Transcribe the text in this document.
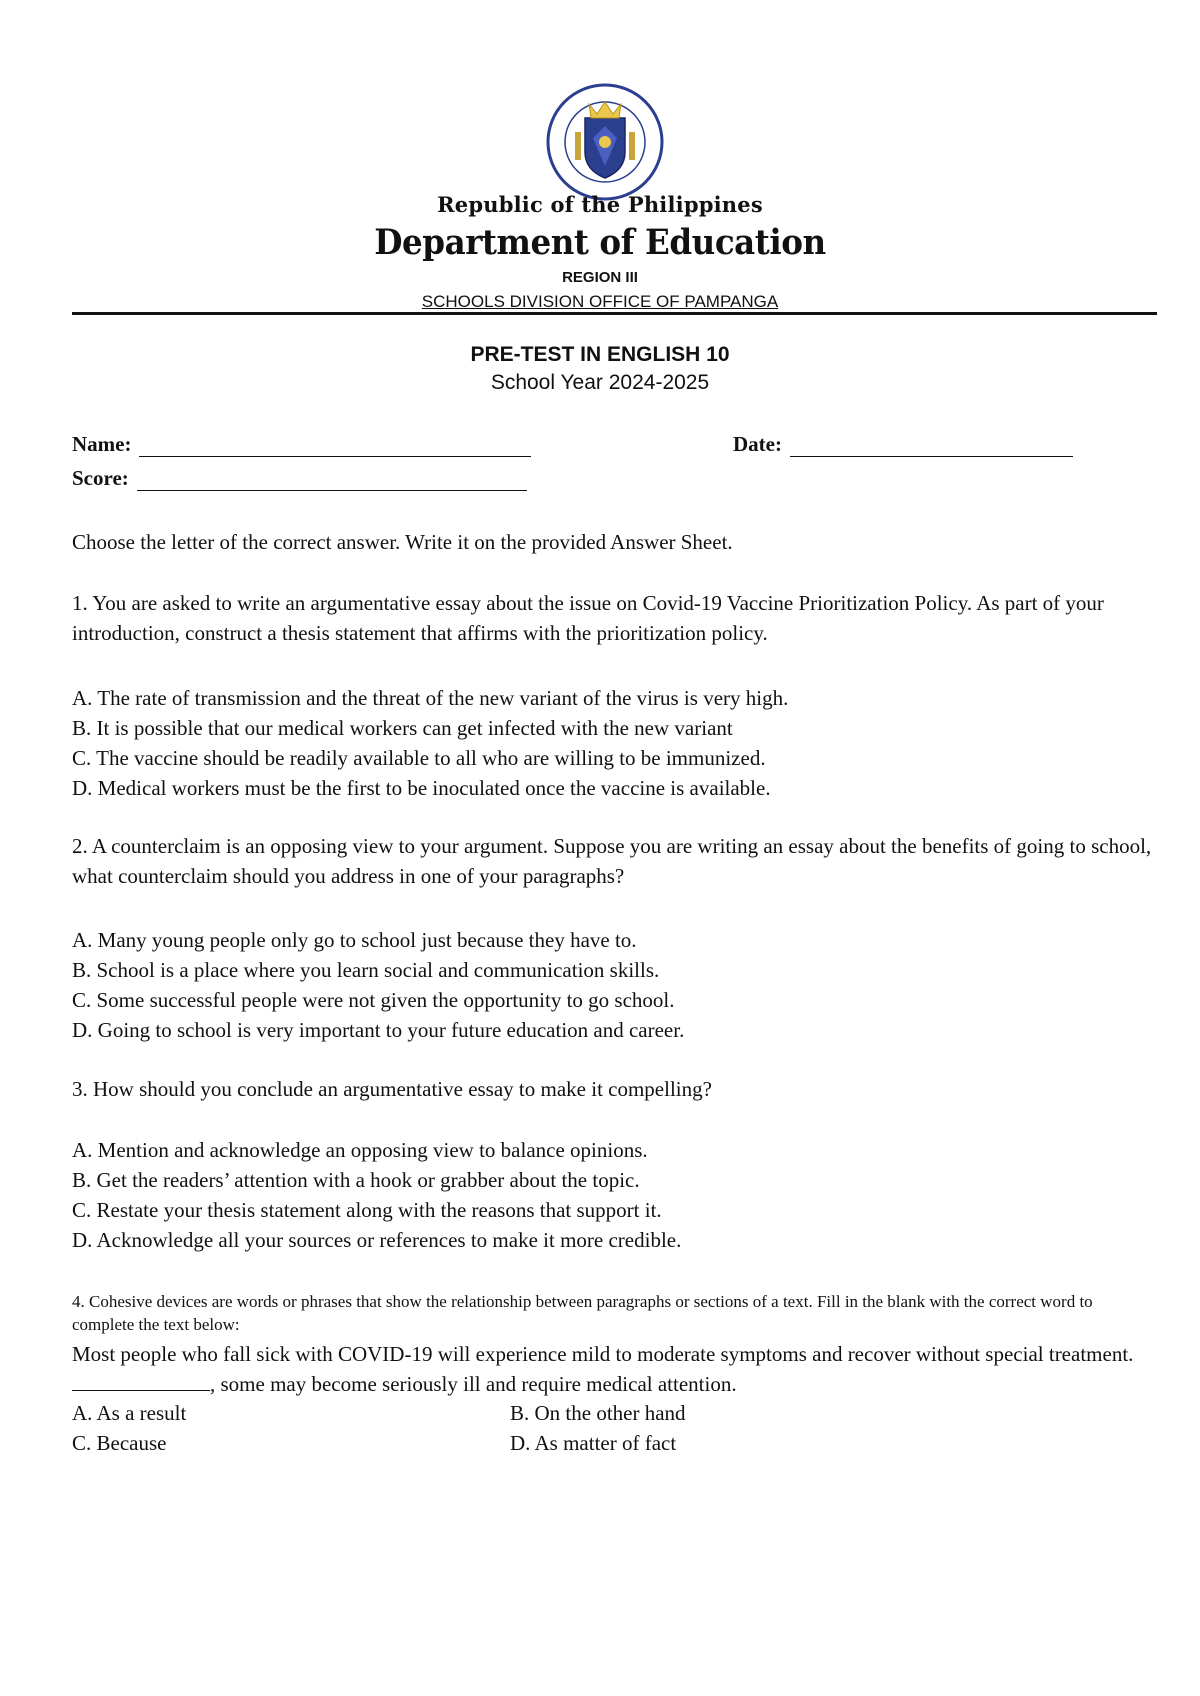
Republic of the Philippines
Department of Education
REGION III
SCHOOLS DIVISION OFFICE OF PAMPANGA
PRE-TEST IN ENGLISH 10
School Year 2024-2025
Name:	Date:
Score:
Choose the letter of the correct answer. Write it on the provided Answer Sheet.

1. You are asked to write an argumentative essay about the issue on Covid-19 Vaccine Prioritization Policy. As part of your introduction, construct a thesis statement that affirms with the prioritization policy.

A. The rate of transmission and the threat of the new variant of the virus is very high.

B. It is possible that our medical workers can get infected with the new variant

C. The vaccine should be readily available to all who are willing to be immunized.

D. Medical workers must be the first to be inoculated once the vaccine is available.

2. A counterclaim is an opposing view to your argument. Suppose you are writing an essay about the benefits of going to school, what counterclaim should you address in one of your paragraphs?

A. Many young people only go to school just because they have to.

B. School is a place where you learn social and communication skills.

C. Some successful people were not given the opportunity to go school.

D. Going to school is very important to your future education and career.

3. How should you conclude an argumentative essay to make it compelling?

A. Mention and acknowledge an opposing view to balance opinions.

B. Get the readers’ attention with a hook or grabber about the topic.

C. Restate your thesis statement along with the reasons that support it.

D. Acknowledge all your sources or references to make it more credible.

4. Cohesive devices are words or phrases that show the relationship between paragraphs or sections of a text. Fill in the blank with the correct word to complete the text below:

Most people who fall sick with COVID-19 will experience mild to moderate symptoms and recover without special treatment. , some may become seriously ill and require medical attention.
A. As a result	B. On the other hand
C. Because	D. As matter of fact
